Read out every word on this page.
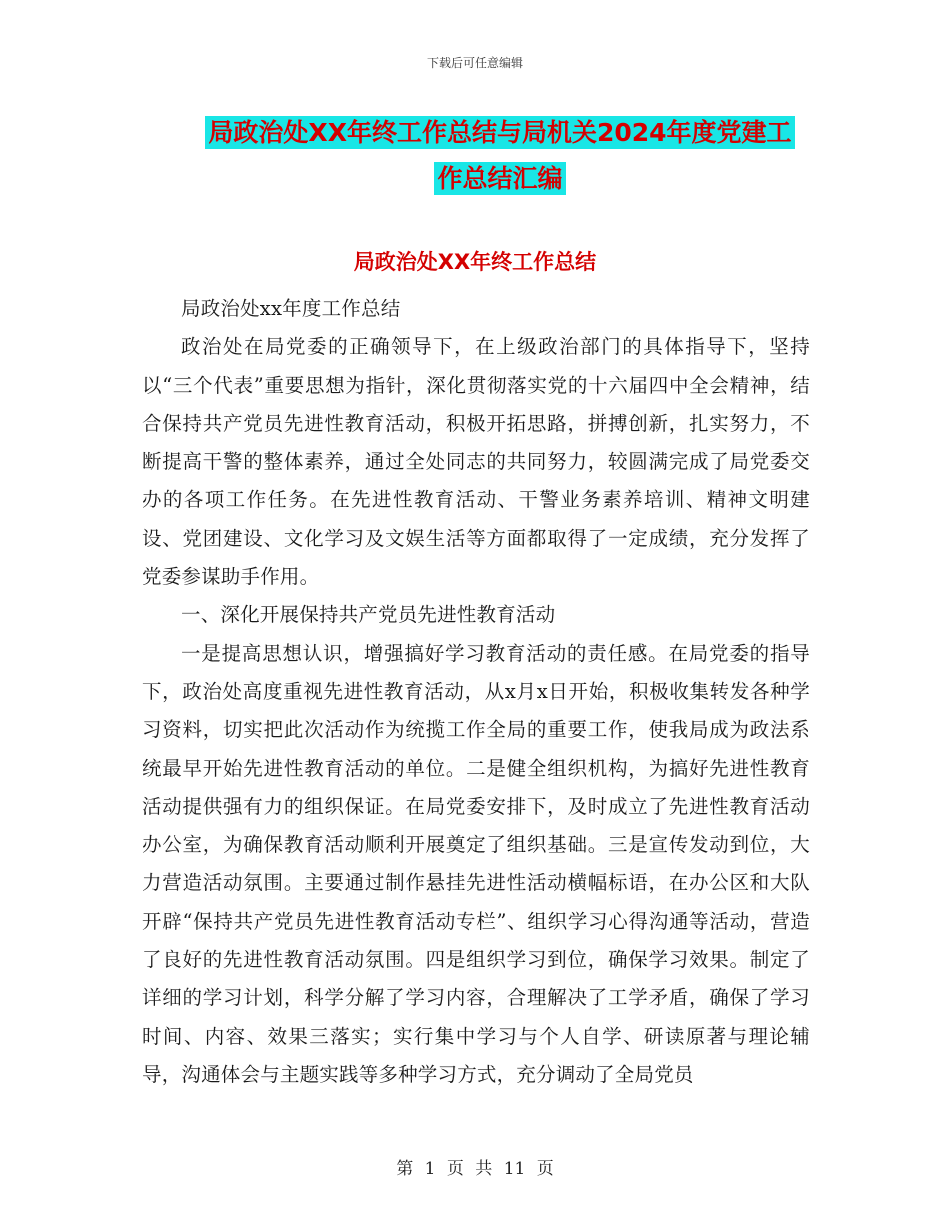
下载后可任意编辑
局政治处XX年终工作总结与局机关2024年度党建工
作总结汇编
局政治处XX年终工作总结

局政治处xx年度工作总结

政治处在局党委的正确领导下，在上级政治部门的具体指导下，坚持以“三个代表”重要思想为指针，深化贯彻落实党的十六届四中全会精神，结合保持共产党员先进性教育活动，积极开拓思路，拼搏创新，扎实努力，不断提高干警的整体素养，通过全处同志的共同努力，较圆满完成了局党委交办的各项工作任务。在先进性教育活动、干警业务素养培训、精神文明建设、党团建设、文化学习及文娱生活等方面都取得了一定成绩，充分发挥了党委参谋助手作用。

一、深化开展保持共产党员先进性教育活动

一是提高思想认识，增强搞好学习教育活动的责任感。在局党委的指导下，政治处高度重视先进性教育活动，从x月x日开始，积极收集转发各种学习资料，切实把此次活动作为统揽工作全局的重要工作，使我局成为政法系统最早开始先进性教育活动的单位。二是健全组织机构，为搞好先进性教育活动提供强有力的组织保证。在局党委安排下，及时成立了先进性教育活动办公室，为确保教育活动顺利开展奠定了组织基础。三是宣传发动到位，大力营造活动氛围。主要通过制作悬挂先进性活动横幅标语，在办公区和大队开辟“保持共产党员先进性教育活动专栏”、组织学习心得沟通等活动，营造了良好的先进性教育活动氛围。四是组织学习到位，确保学习效果。制定了详细的学习计划，科学分解了学习内容，合理解决了工学矛盾，确保了学习时间、内容、效果三落实；实行集中学习与个人自学、研读原著与理论辅导，沟通体会与主题实践等多种学习方式，充分调动了全局党员

第 1 页 共 11 页
